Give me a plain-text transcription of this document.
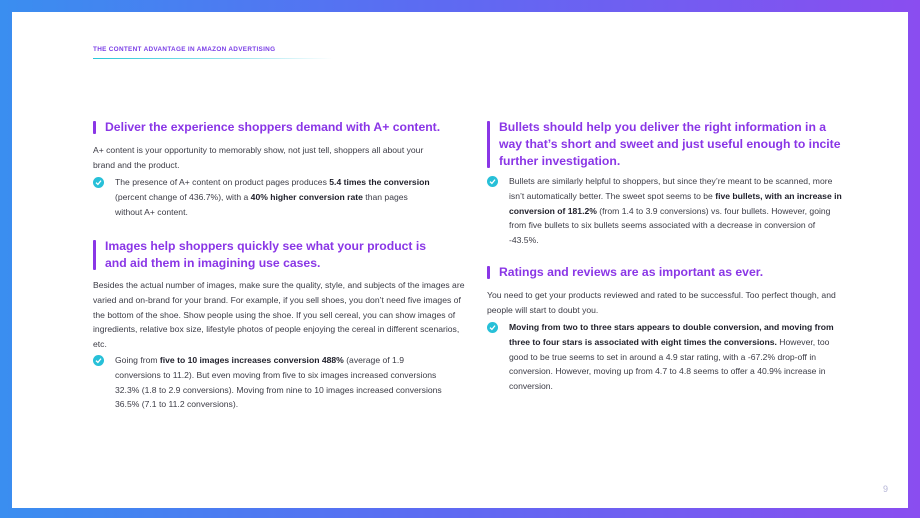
THE CONTENT ADVANTAGE IN AMAZON ADVERTISING
Deliver the experience shoppers demand with A+ content.
A+ content is your opportunity to memorably show, not just tell, shoppers all about your brand and the product.
The presence of A+ content on product pages produces 5.4 times the conversion (percent change of 436.7%), with a 40% higher conversion rate than pages without A+ content.
Images help shoppers quickly see what your product is and aid them in imagining use cases.
Besides the actual number of images, make sure the quality, style, and subjects of the images are varied and on-brand for your brand. For example, if you sell shoes, you don’t need five images of the bottom of the shoe. Show people using the shoe. If you sell cereal, you can show images of ingredients, relative box size, lifestyle photos of people enjoying the cereal in different scenarios, etc.
Going from five to 10 images increases conversion 488% (average of 1.9 conversions to 11.2). But even moving from five to six images increased conversions 32.3% (1.8 to 2.9 conversions). Moving from nine to 10 images increased conversions 36.5% (7.1 to 11.2 conversions).
Bullets should help you deliver the right information in a way that’s short and sweet and just useful enough to incite further investigation.
Bullets are similarly helpful to shoppers, but since they’re meant to be scanned, more isn’t automatically better. The sweet spot seems to be five bullets, with an increase in conversion of 181.2% (from 1.4 to 3.9 conversions) vs. four bullets. However, going from five bullets to six bullets seems associated with a decrease in conversion of -43.5%.
Ratings and reviews are as important as ever.
You need to get your products reviewed and rated to be successful. Too perfect though, and people will start to doubt you.
Moving from two to three stars appears to double conversion, and moving from three to four stars is associated with eight times the conversions. However, too good to be true seems to set in around a 4.9 star rating, with a -67.2% drop-off in conversion. However, moving up from 4.7 to 4.8 seems to offer a 40.9% increase in conversion.
9
